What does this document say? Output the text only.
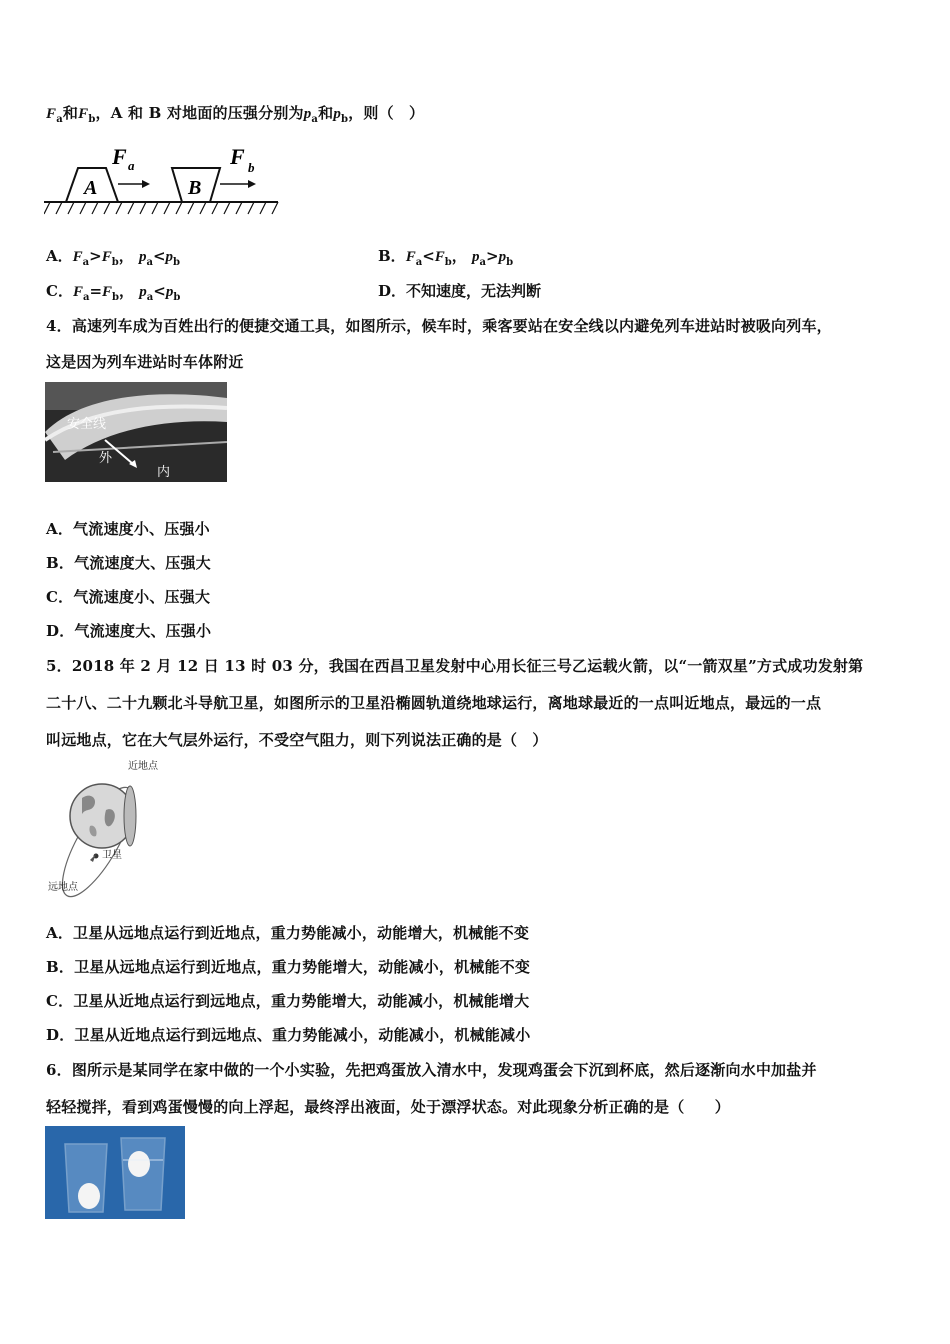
$F_a$和$F_b$，A 和 B 对地面的压强分别为$p_a$和$p_b$，则（　）
A
F a
B
F b
A．$F_a>F_b$， $p_a<p_b$	B．$F_a<F_b$， $p_a>p_b$
C．$F_a=F_b$， $p_a<p_b$	D．不知速度，无法判断
4．高速列车成为百姓出行的便捷交通工具，如图所示，候车时，乘客要站在安全线以内避免列车进站时被吸向列车，
这是因为列车进站时车体附近
安全线
外
内
A．气流速度小、压强小
B．气流速度大、压强大
C．气流速度小、压强大
D．气流速度大、压强小
5．2018 年 2 月 12 日 13 时 03 分，我国在西昌卫星发射中心用长征三号乙运载火箭，以“一箭双星”方式成功发射第
二十八、二十九颗北斗导航卫星，如图所示的卫星沿椭圆轨道绕地球运行，离地球最近的一点叫近地点，最远的一点
叫远地点，它在大气层外运行，不受空气阻力，则下列说法正确的是（　）
近地点
卫星
远地点
A．卫星从远地点运行到近地点，重力势能减小，动能增大，机械能不变
B．卫星从远地点运行到近地点，重力势能增大，动能减小，机械能不变
C．卫星从近地点运行到远地点，重力势能增大，动能减小，机械能增大
D．卫星从近地点运行到远地点、重力势能减小，动能减小，机械能减小
6．图所示是某同学在家中做的一个小实验，先把鸡蛋放入清水中，发现鸡蛋会下沉到杯底，然后逐渐向水中加盐并
轻轻搅拌，看到鸡蛋慢慢的向上浮起，最终浮出液面，处于漂浮状态。对此现象分析正确的是（　　）
